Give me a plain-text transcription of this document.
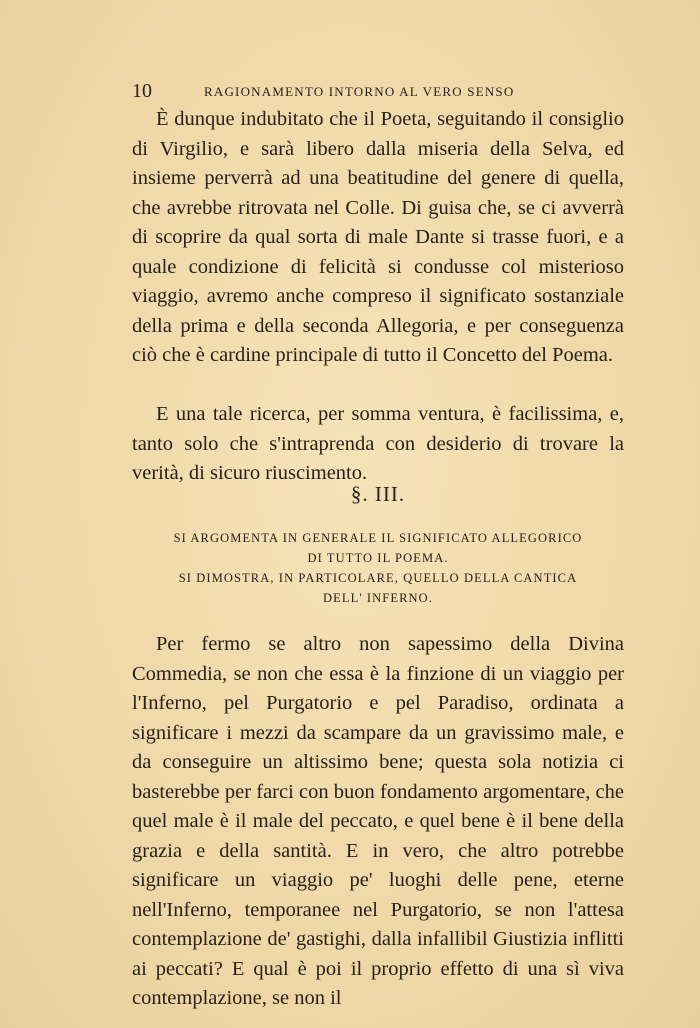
10	RAGIONAMENTO INTORNO AL VERO SENSO

È dunque indubitato che il Poeta, seguitando il consiglio di Virgilio, e sarà libero dalla miseria della Selva, ed insieme perverrà ad una beatitudine del genere di quella, che avrebbe ritrovata nel Colle. Di guisa che, se ci avverrà di scoprire da qual sorta di male Dante si trasse fuori, e a quale condizione di felicità si condusse col misterioso viaggio, avremo anche compreso il significato sostanziale della prima e della seconda Allegoria, e per conseguenza ciò che è cardine principale di tutto il Concetto del Poema.

E una tale ricerca, per somma ventura, è facilissima, e, tanto solo che s'intraprenda con desiderio di trovare la verità, di sicuro riuscimento.

§. III.

SI ARGOMENTA IN GENERALE IL SIGNIFICATO ALLEGORICO
DI TUTTO IL POEMA.
SI DIMOSTRA, IN PARTICOLARE, QUELLO DELLA CANTICA
DELL' INFERNO.

Per fermo se altro non sapessimo della Divina Commedia, se non che essa è la finzione di un viaggio per l'Inferno, pel Purgatorio e pel Paradiso, ordinata a significare i mezzi da scampare da un gravissimo male, e da conseguire un altissimo bene; questa sola notizia ci basterebbe per farci con buon fondamento argomentare, che quel male è il male del peccato, e quel bene è il bene della grazia e della santità. E in vero, che altro potrebbe significare un viaggio pe' luoghi delle pene, eterne nell'Inferno, temporanee nel Purgatorio, se non l'attesa contemplazione de' gastighi, dalla infallibil Giustizia inflitti ai peccati? E qual è poi il proprio effetto di una sì viva contemplazione, se non il
